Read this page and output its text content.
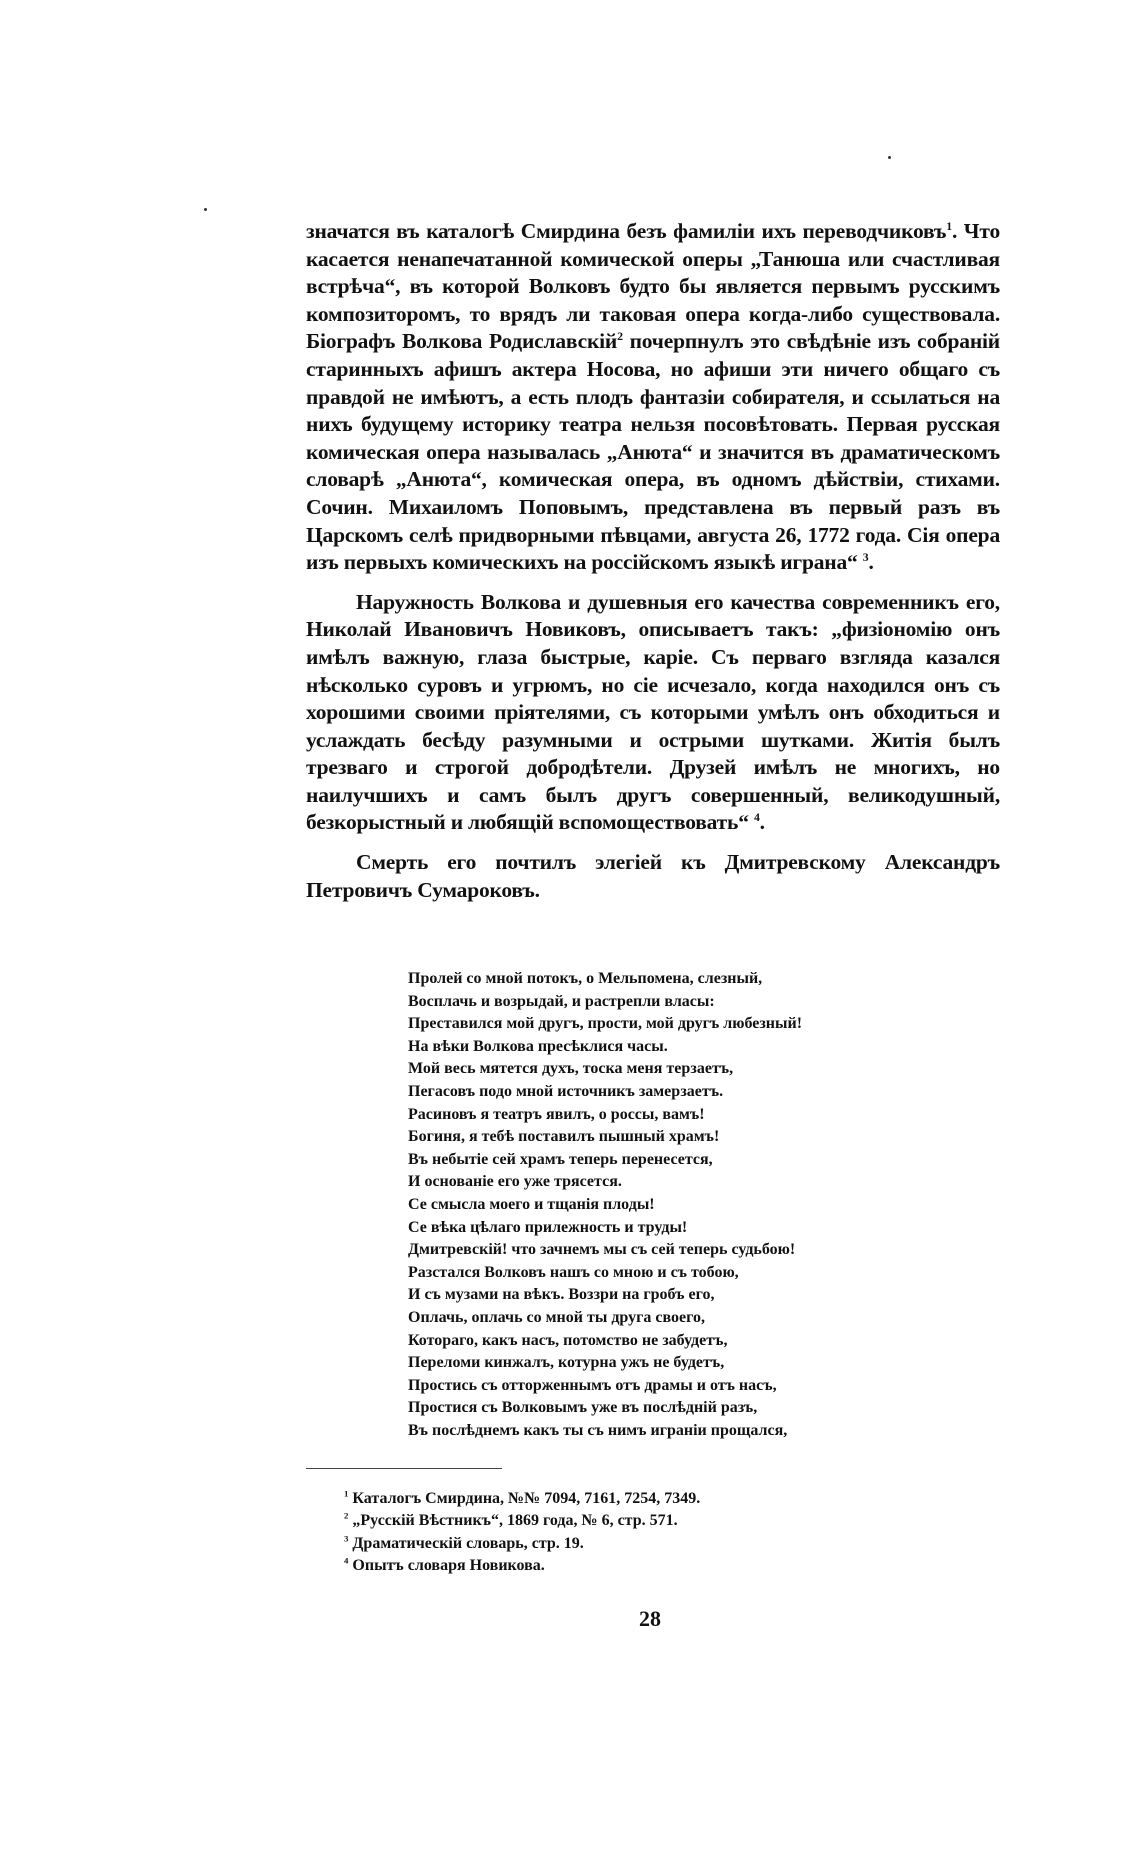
значатся въ каталогѣ Смирдина безъ фамиліи ихъ переводчиковъ$^1$. Что касается ненапечатанной комической оперы „Танюша или счастливая встрѣча“, въ которой Волковъ будто бы является первымъ русскимъ композиторомъ, то врядъ ли таковая опера когда-либо существовала. Біографъ Волкова Родиславскій$^2$ почерпнулъ это свѣдѣніе изъ собраній старинныхъ афишъ актера Носова, но афиши эти ничего общаго съ правдой не имѣютъ, а есть плодъ фантазіи собирателя, и ссылаться на нихъ будущему историку театра нельзя посовѣтовать. Первая русская комическая опера называлась „Анюта“ и значится въ драматическомъ словарѣ „Анюта“, комическая опера, въ одномъ дѣйствіи, стихами. Сочин. Михаиломъ Поповымъ, представлена въ первый разъ въ Царскомъ селѣ придворными пѣвцами, августа 26, 1772 года. Сія опера изъ первыхъ комическихъ на россійскомъ языкѣ играна“ $^3$.

Наружность Волкова и душевныя его качества современникъ его, Николай Ивановичъ Новиковъ, описываетъ такъ: „физіономію онъ имѣлъ важную, глаза быстрые, каріе. Съ перваго взгляда казался нѣсколько суровъ и угрюмъ, но сіе исчезало, когда находился онъ съ хорошими своими пріятелями, съ которыми умѣлъ онъ обходиться и услаждать бесѣду разумными и острыми шутками. Житія былъ трезваго и строгой добродѣтели. Друзей имѣлъ не многихъ, но наилучшихъ и самъ былъ другъ совершенный, великодушный, безкорыстный и любящій вспомоществовать“ $^4$.

Смерть его почтилъ элегіей къ Дмитревскому Александръ Петровичъ Сумароковъ.

Пролей со мной потокъ, о Мельпомена, слезный,
Восплачь и возрыдай, и растрепли власы:
Преставился мой другъ, прости, мой другъ любезный!
На вѣки Волкова пресѣклися часы.
Мой весь мятется духъ, тоска меня терзаетъ,
Пегасовъ подо мной источникъ замерзаетъ.
Расиновъ я театръ явилъ, о россы, вамъ!
Богиня, я тебѣ поставилъ пышный храмъ!
Въ небытіе сей храмъ теперь перенесется,
И основаніе его уже трясется.
Се смысла моего и тщанія плоды!
Се вѣка цѣлаго прилежность и труды!
Дмитревскій! что зачнемъ мы съ сей теперь судьбою!
Разстался Волковъ нашъ со мною и съ тобою,
И съ музами на вѣкъ. Воззри на гробъ его,
Оплачь, оплачь со мной ты друга своего,
Котораго, какъ насъ, потомство не забудетъ,
Переломи кинжалъ, котурна ужъ не будетъ,
Простись съ отторженнымъ отъ драмы и отъ насъ,
Простися съ Волковымъ уже въ послѣдній разъ,
Въ послѣднемъ какъ ты съ нимъ играніи прощался,
$^1$ Каталогъ Смирдина, №№ 7094, 7161, 7254, 7349.
$^2$ „Русскій Вѣстникъ“, 1869 года, № 6, стр. 571.
$^3$ Драматическій словарь, стр. 19.
$^4$ Опытъ словаря Новикова.
28
